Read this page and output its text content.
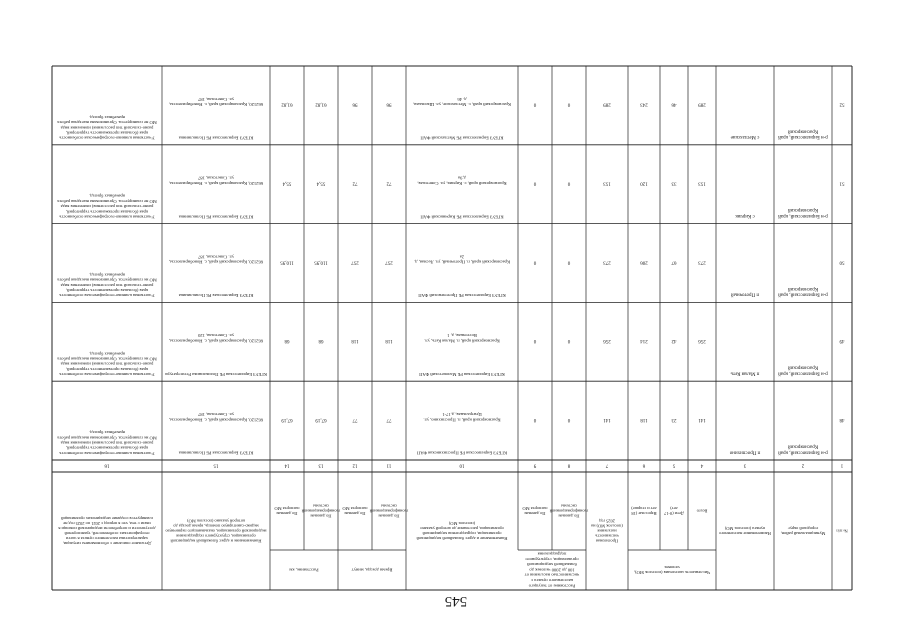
Численность населения (поселок МО),человек
Расстояние от текущегонаселенного пункта счисленностью населения от100 до 2000 человек доближайшей медицинскойорганизации, структурногоподразделения
Время доезда, минут
Расстояние, км
№ п/п
Муниципальный район,городской округ
Наименование населенногопункта (поселок МО)
Всего
Дети (0-17лет)
Взрослые (18лет и старше)
Прогнознаячисленностьнаселения(поселок МО) на2025 год
По даннымгеоинформационнойсистемы
По даннымпаспорта МО
Наименование и адрес ближайшей медицинскойорганизации, подразделения медицинскойорганизации, расстояние до которой указано(поселок МО)
По даннымгеоинформационнойсистемы
По даннымпаспорта МО
По даннымгеоинформационнойсистемы
По даннымпаспорта МО
Наименование и адрес ближайшей медицинскойорганизации, структурного подразделениямедицинской организации, оказывающего первичнуюмедико-санитарную помощь, время доезда докоторой указано (поселок МО)
Детальное описание с обоснованием ситуации,характеристика населенного пункта в частигеографических особенностей, транспортнойдоступности и потребности медицинской помощи всвязи с тем, что в период с 2021 по 2025 год непланируется создание медицинских организаций
1
2
3
4
5
6
7
8
9
10
11
12
13
14
15
16
48
р-н Бирилюсский, крайКрасноярский
п Проспихино
141
23
118
141
0
0
КГБУЗ Бирилюсская РБ Проспихинская ФАП
Красноярский край, п. Проспихино, ул.Центральная, д.17-1
77
77
67,19
67,19
КГБУЗ Бирилюсская РБ Поликлиника
662120, Красноярский край, с. Новобирилюссы,ул. Советская, 187
Участковая клинико-географическая особенностькрая (большая протяженность территорий,разно-сельский тип расселения) изменения видаМО не планируется. Организована выездная работаврачебных бригад.
49
р-н Бирилюсский, крайКрасноярский
п Малая Кеть
256
42
214
256
0
0
КГБУЗ Бирилюсская РБ Малокетский ФАП
Красноярский край, п. Малая Кеть, ул.Восточная, д. 1
118
118
68
68
КГБУЗ Бирилюсская РБ Поликлиника Регистратура
662120, Красноярский край, с. Новобирилюссы,ул. Советская, 120
Участковая клинико-географическая особенностькрая (большая протяженность территорий,разно-сельский тип расселения) изменения видаМО не планируется. Организована выездная работаврачебных бригад.
50
р-н Бирилюсский, крайКрасноярский
п Проточный
273
67
206
273
0
0
КГБУЗ Бирилюсская РБ Проточенский ФАП
Красноярский край, п. Проточный, ул. Лесная, д.2а
257
257
110,95
110,95
КГБУЗ Бирилюсская РБ Поликлиника
662120, Красноярский край, с. Новобирилюссы,ул. Советская, 187
Участковая клинико-географическая особенностькрая (большая протяженность территорий,разно-сельский тип расселения) изменения видаМО не планируется. Организована выездная работаврачебных бригад.
51
р-н Бирилюсский, крайКрасноярский
с Кирчик
153
33
120
153
0
0
КГБУЗ Бирилюсская РБ Кирчикский ФАП
Красноярский край, с. Кирчик, ул. Советская,д.9а
72
72
55,4
55,4
КГБУЗ Бирилюсская РБ Поликлиника
662120, Красноярский край, с. Новобирилюссы,ул. Советская, 187
Участковая клинико-географическая особенностькрая (большая протяженность территорий,разно-сельский тип расселения) изменения видаМО не планируется. Организована выездная работаврачебных бригад.
52
р-н Бирилюсский, крайКрасноярский
с Метлахские
289
46
243
289
0
0
КГБУЗ Бирилюсская РБ Метлахский ФАП
Красноярский край, с. Метлахские, ул. Школьная,д. 46
96
96
61,82
61,82
КГБУЗ Бирилюсская РБ Поликлиника
662120, Красноярский край, с. Новобирилюссы,ул. Советская, 187
Участковая клинико-географическая особенностькрая (большая протяженность территорий,разно-сельский тип расселения) изменения видаМО не планируется. Организована выездная работаврачебных бригад.
545
